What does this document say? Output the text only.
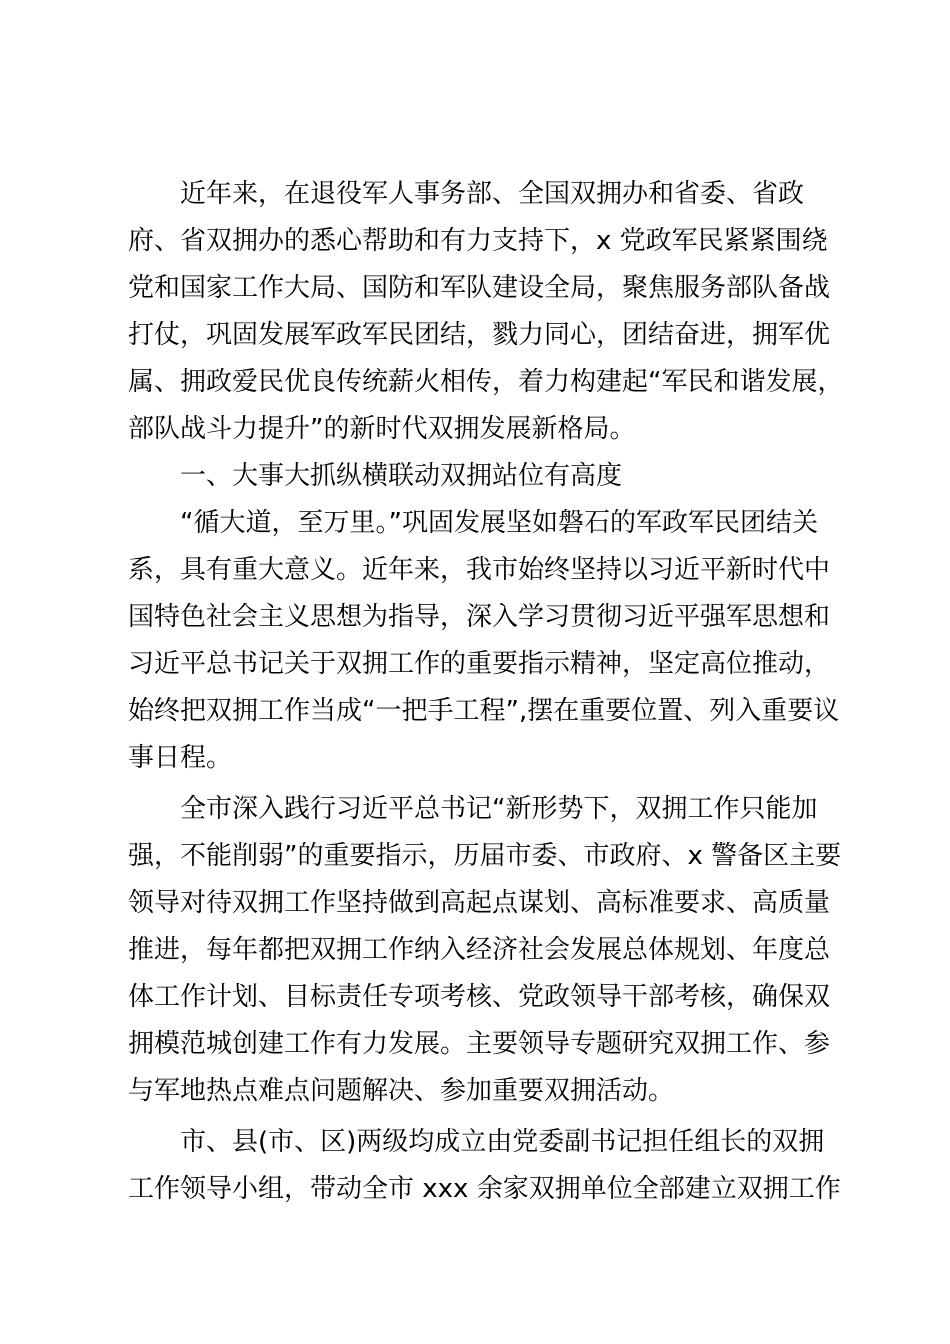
近年来，在退役军人事务部、全国双拥办和省委、省政
府、省双拥办的悉心帮助和有力支持下，x 党政军民紧紧围绕
党和国家工作大局、国防和军队建设全局，聚焦服务部队备战
打仗，巩固发展军政军民团结，戮力同心，团结奋进，拥军优
属、拥政爱民优良传统薪火相传，着力构建起“军民和谐发展，
部队战斗力提升”的新时代双拥发展新格局。
一、大事大抓纵横联动双拥站位有高度
“循大道，至万里。”巩固发展坚如磐石的军政军民团结关
系，具有重大意义。近年来，我市始终坚持以习近平新时代中
国特色社会主义思想为指导，深入学习贯彻习近平强军思想和
习近平总书记关于双拥工作的重要指示精神，坚定高位推动，
始终把双拥工作当成“一把手工程”,摆在重要位置、列入重要议
事日程。
全市深入践行习近平总书记“新形势下，双拥工作只能加
强，不能削弱”的重要指示，历届市委、市政府、x 警备区主要
领导对待双拥工作坚持做到高起点谋划、高标准要求、高质量
推进，每年都把双拥工作纳入经济社会发展总体规划、年度总
体工作计划、目标责任专项考核、党政领导干部考核，确保双
拥模范城创建工作有力发展。主要领导专题研究双拥工作、参
与军地热点难点问题解决、参加重要双拥活动。
市、县(市、区)两级均成立由党委副书记担任组长的双拥
工作领导小组，带动全市 xxx 余家双拥单位全部建立双拥工作
